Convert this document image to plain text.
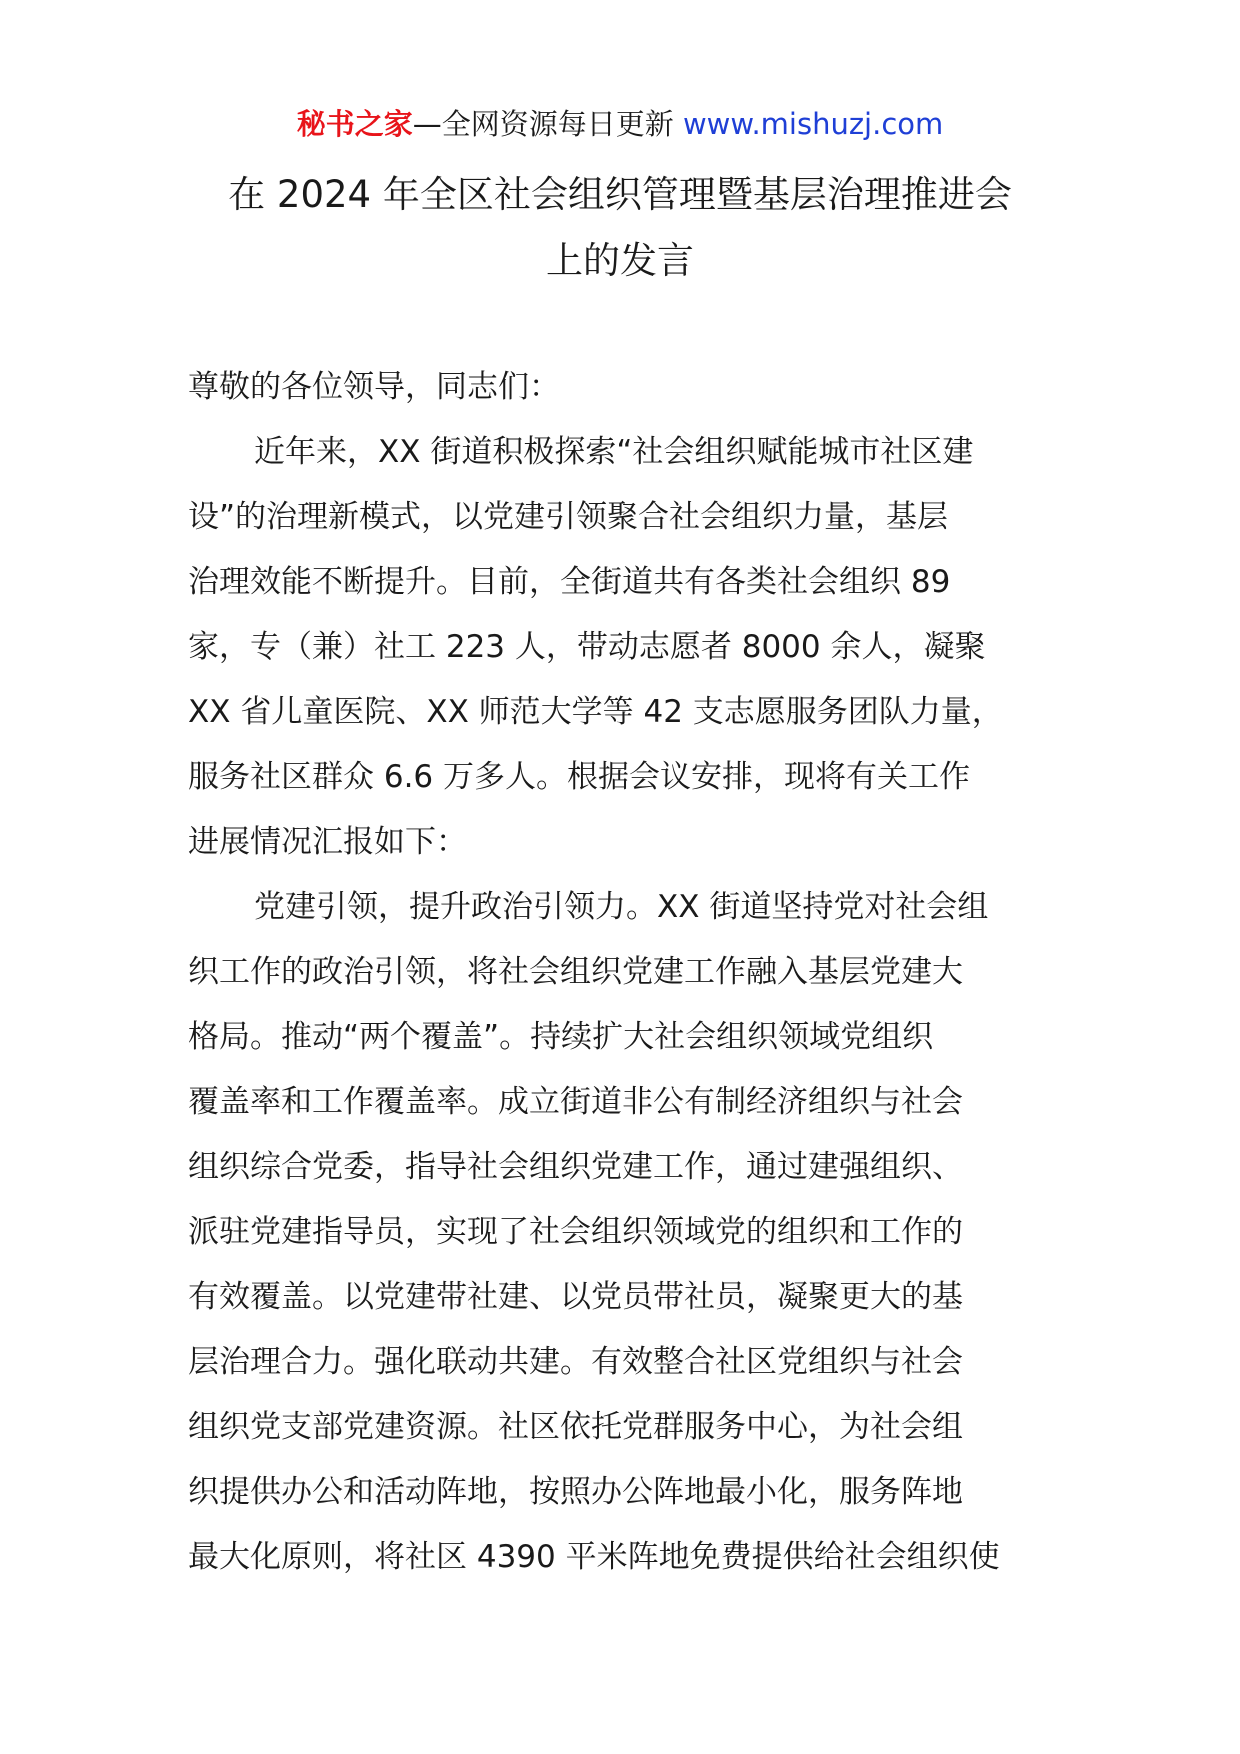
秘书之家—全网资源每日更新 www.mishuzj.com
在 2024 年全区社会组织管理暨基层治理推进会
上的发言
尊敬的各位领导，同志们：
近年来，XX 街道积极探索“社会组织赋能城市社区建
设”的治理新模式，以党建引领聚合社会组织力量，基层
治理效能不断提升。目前，全街道共有各类社会组织 89
家，专（兼）社工 223 人，带动志愿者 8000 余人，凝聚
XX 省儿童医院、XX 师范大学等 42 支志愿服务团队力量，
服务社区群众 6.6 万多人。根据会议安排，现将有关工作
进展情况汇报如下：
党建引领，提升政治引领力。XX 街道坚持党对社会组
织工作的政治引领，将社会组织党建工作融入基层党建大
格局。推动“两个覆盖”。持续扩大社会组织领域党组织
覆盖率和工作覆盖率。成立街道非公有制经济组织与社会
组织综合党委，指导社会组织党建工作，通过建强组织、
派驻党建指导员，实现了社会组织领域党的组织和工作的
有效覆盖。以党建带社建、以党员带社员，凝聚更大的基
层治理合力。强化联动共建。有效整合社区党组织与社会
组织党支部党建资源。社区依托党群服务中心，为社会组
织提供办公和活动阵地，按照办公阵地最小化，服务阵地
最大化原则，将社区 4390 平米阵地免费提供给社会组织使
